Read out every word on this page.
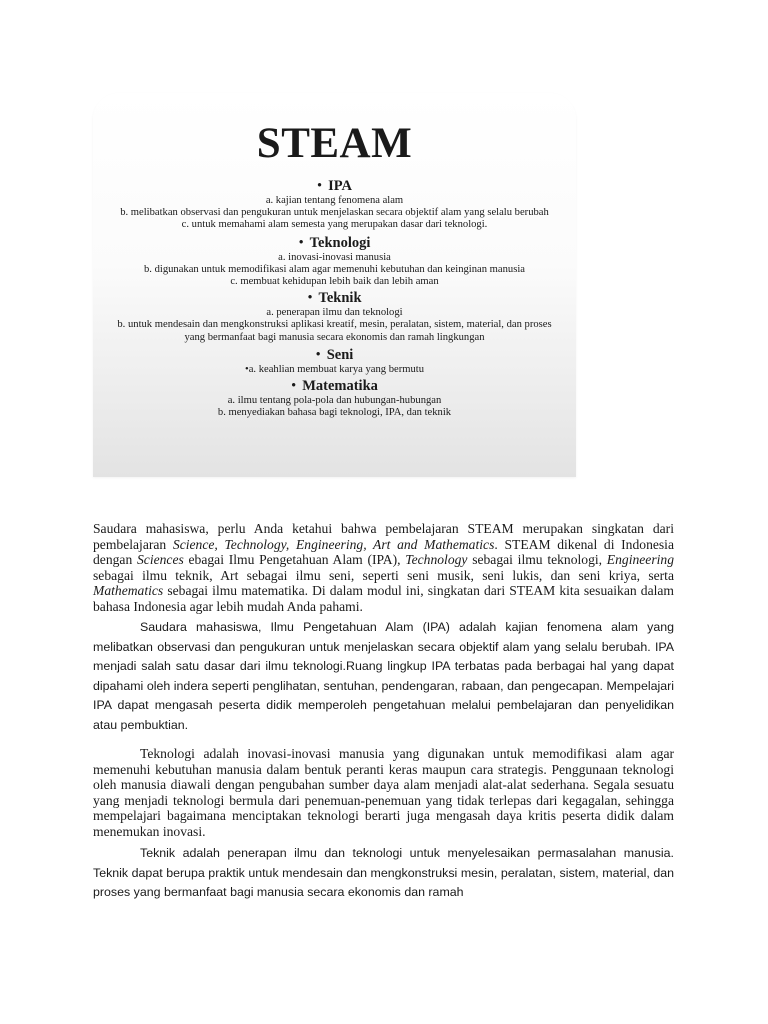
STEAM
• IPA
a. kajian tentang fenomena alam
b. melibatkan observasi dan pengukuran untuk menjelaskan secara objektif alam yang selalu berubah
c. untuk memahami alam semesta yang merupakan dasar dari teknologi.
• Teknologi
a. inovasi-inovasi manusia
b. digunakan untuk memodifikasi alam agar memenuhi kebutuhan dan keinginan manusia
c. membuat kehidupan lebih baik dan lebih aman
• Teknik
a. penerapan ilmu dan teknologi
b. untuk mendesain dan mengkonstruksi aplikasi kreatif, mesin, peralatan, sistem, material, dan proses yang bermanfaat bagi manusia secara ekonomis dan ramah lingkungan
• Seni
•a. keahlian membuat karya yang bermutu
• Matematika
a. ilmu tentang pola-pola dan hubungan-hubungan
b. menyediakan bahasa bagi teknologi, IPA, dan teknik

Saudara mahasiswa, perlu Anda ketahui bahwa pembelajaran STEAM merupakan singkatan dari pembelajaran Science, Technology, Engineering, Art and Mathematics. STEAM dikenal di Indonesia dengan Sciences ebagai Ilmu Pengetahuan Alam (IPA), Technology sebagai ilmu teknologi, Engineering sebagai ilmu teknik, Art sebagai ilmu seni, seperti seni musik, seni lukis, dan seni kriya, serta Mathematics sebagai ilmu matematika. Di dalam modul ini, singkatan dari STEAM kita sesuaikan dalam bahasa Indonesia agar lebih mudah Anda pahami.

Saudara mahasiswa, Ilmu Pengetahuan Alam (IPA) adalah kajian fenomena alam yang melibatkan observasi dan pengukuran untuk menjelaskan secara objektif alam yang selalu berubah. IPA menjadi salah satu dasar dari ilmu teknologi.Ruang lingkup IPA terbatas pada berbagai hal yang dapat dipahami oleh indera seperti penglihatan, sentuhan, pendengaran, rabaan, dan pengecapan. Mempelajari IPA dapat mengasah peserta didik memperoleh pengetahuan melalui pembelajaran dan penyelidikan atau pembuktian.

Teknologi adalah inovasi-inovasi manusia yang digunakan untuk memodifikasi alam agar memenuhi kebutuhan manusia dalam bentuk peranti keras maupun cara strategis. Penggunaan teknologi oleh manusia diawali dengan pengubahan sumber daya alam menjadi alat-alat sederhana. Segala sesuatu yang menjadi teknologi bermula dari penemuan-penemuan yang tidak terlepas dari kegagalan, sehingga mempelajari bagaimana menciptakan teknologi berarti juga mengasah daya kritis peserta didik dalam menemukan inovasi.

Teknik adalah penerapan ilmu dan teknologi untuk menyelesaikan permasalahan manusia. Teknik dapat berupa praktik untuk mendesain dan mengkonstruksi mesin, peralatan, sistem, material, dan proses yang bermanfaat bagi manusia secara ekonomis dan ramah
